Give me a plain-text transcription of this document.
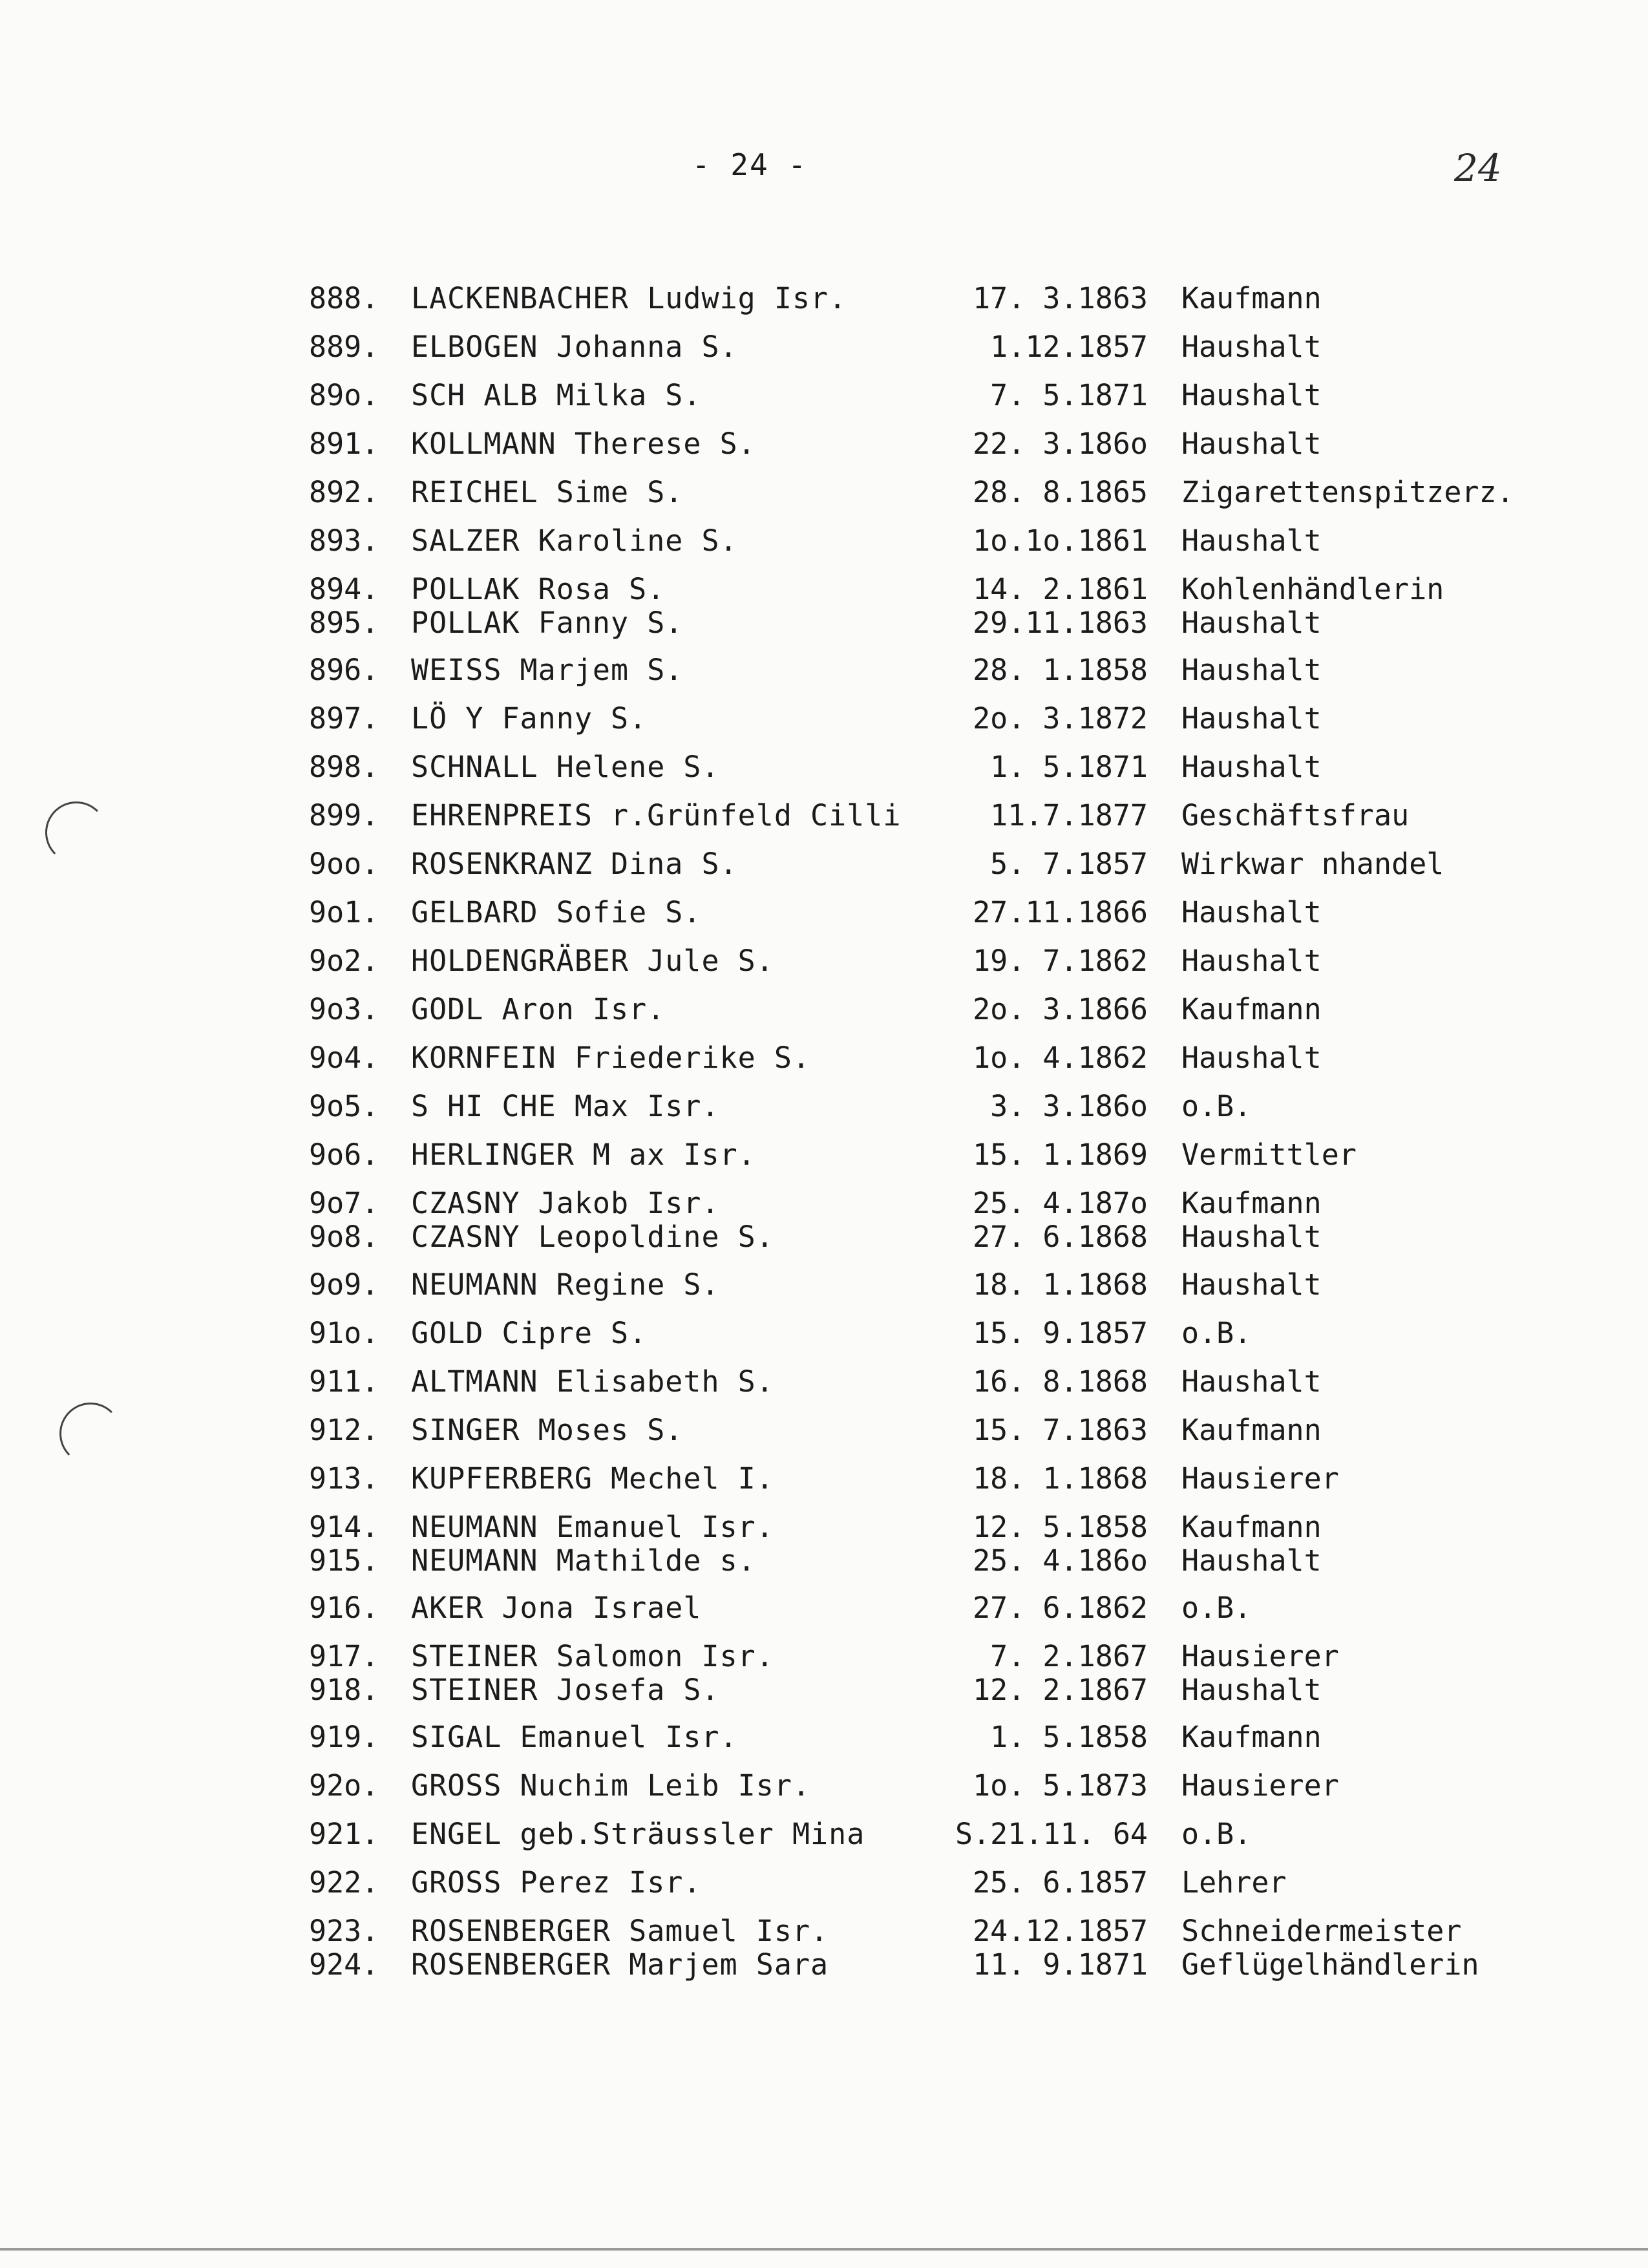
- 24 -	24
888.	LACKENBACHER Ludwig Isr.	17. 3.1863 Kaufmann
889.	ELBOGEN Johanna S.	1.12.1857 Haushalt
89o.	SCH ALB Milka S.	7. 5.1871 Haushalt
891.	KOLLMANN Therese S.	22. 3.186o Haushalt
892.	REICHEL Sime S.	28. 8.1865 Zigarettenspitzerz.
893.	SALZER Karoline S.	1o.1o.1861 Haushalt
894.	POLLAK Rosa S.	14. 2.1861 Kohlenhändlerin
895.	POLLAK Fanny S.	29.11.1863 Haushalt
896.	WEISS Marjem S.	28. 1.1858 Haushalt
897.	LÖ Y Fanny S.	2o. 3.1872 Haushalt
898.	SCHNALL Helene S.	1. 5.1871 Haushalt
899.	EHRENPREIS r.Grünfeld Cilli	11.7.1877 Geschäftsfrau
9oo.	ROSENKRANZ Dina S.	5. 7.1857 Wirkwar nhandel
9o1.	GELBARD Sofie S.	27.11.1866 Haushalt
9o2.	HOLDENGRÄBER Jule S.	19. 7.1862 Haushalt
9o3.	GODL Aron Isr.	2o. 3.1866 Kaufmann
9o4.	KORNFEIN Friederike S.	1o. 4.1862 Haushalt
9o5.	S HI CHE Max Isr.	3. 3.186o o.B.
9o6.	HERLINGER M ax Isr.	15. 1.1869 Vermittler
9o7.	CZASNY Jakob Isr.	25. 4.187o Kaufmann
9o8.	CZASNY Leopoldine S.	27. 6.1868 Haushalt
9o9.	NEUMANN Regine S.	18. 1.1868 Haushalt
91o.	GOLD Cipre S.	15. 9.1857 o.B.
911.	ALTMANN Elisabeth S.	16. 8.1868 Haushalt
912.	SINGER Moses S.	15. 7.1863 Kaufmann
913.	KUPFERBERG Mechel I.	18. 1.1868 Hausierer
914.	NEUMANN Emanuel Isr.	12. 5.1858 Kaufmann
915.	NEUMANN Mathilde s.	25. 4.186o Haushalt
916.	AKER Jona Israel	27. 6.1862 o.B.
917.	STEINER Salomon Isr.	7. 2.1867 Hausierer
918.	STEINER Josefa S.	12. 2.1867 Haushalt
919.	SIGAL Emanuel Isr.	1. 5.1858 Kaufmann
92o.	GROSS Nuchim Leib Isr.	1o. 5.1873 Hausierer
921.	ENGEL geb.Sträussler Mina	S.21.11. 64 o.B.
922.	GROSS Perez Isr.	25. 6.1857 Lehrer
923.	ROSENBERGER Samuel Isr.	24.12.1857 Schneidermeister
924.	ROSENBERGER Marjem Sara	11. 9.1871 Geflügelhändlerin
